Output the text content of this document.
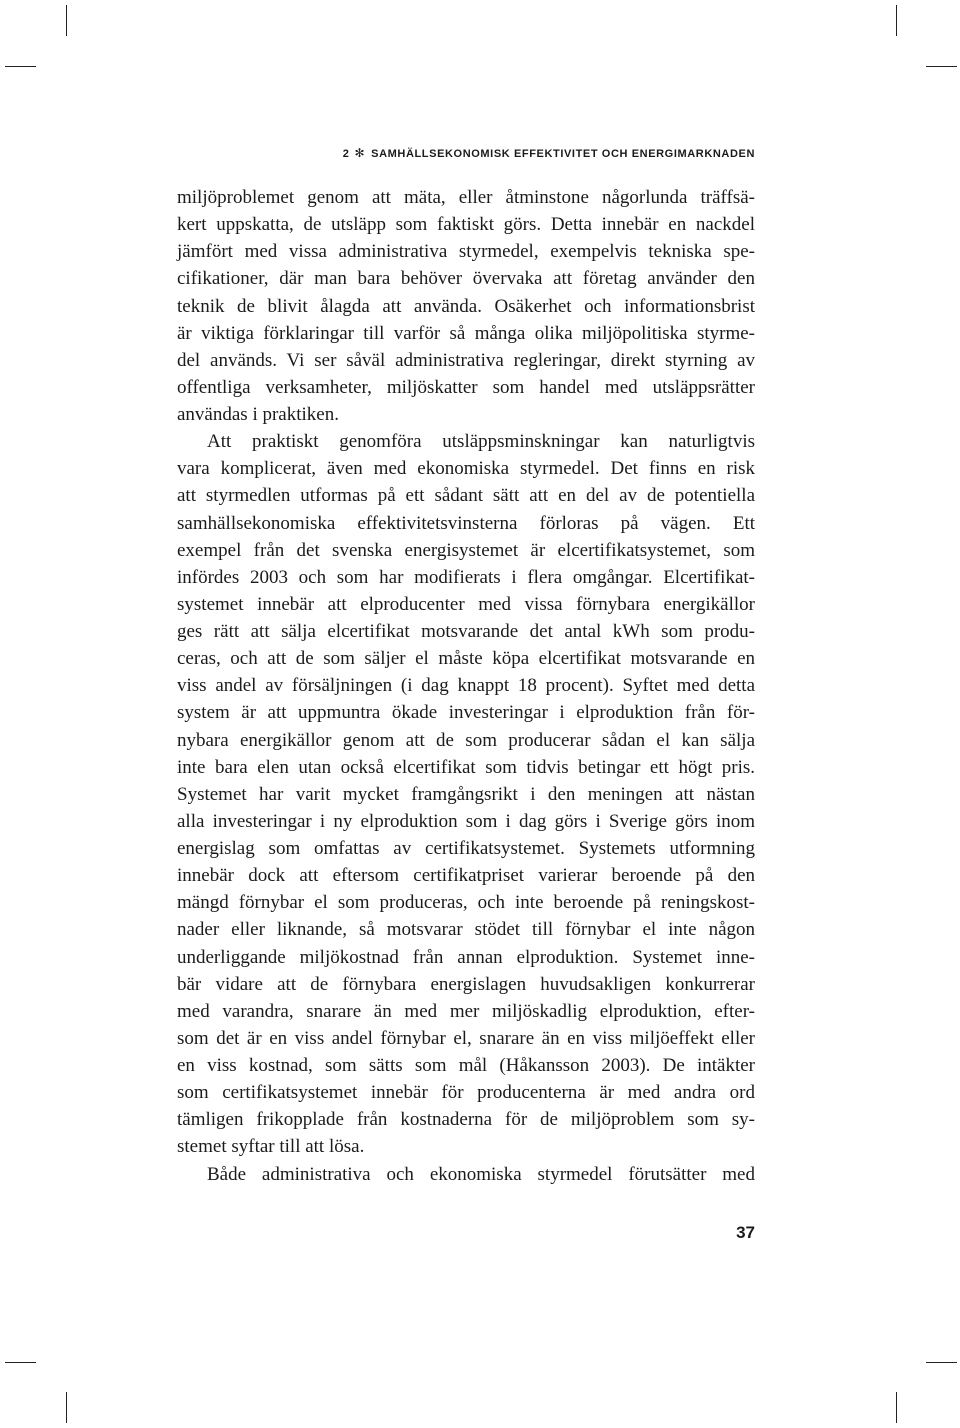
2 ✻ SAMHÄLLSEKONOMISK EFFEKTIVITET OCH ENERGIMARKNADEN
miljöproblemet genom att mäta, eller åtminstone någorlunda träffsä-
kert uppskatta, de utsläpp som faktiskt görs. Detta innebär en nackdel
jämfört med vissa administrativa styrmedel, exempelvis tekniska spe-
cifikationer, där man bara behöver övervaka att företag använder den
teknik de blivit ålagda att använda. Osäkerhet och informationsbrist
är viktiga förklaringar till varför så många olika miljöpolitiska styrme-
del används. Vi ser såväl administrativa regleringar, direkt styrning av
offentliga verksamheter, miljöskatter som handel med utsläppsrätter
användas i praktiken.
Att praktiskt genomföra utsläppsminskningar kan naturligtvis
vara komplicerat, även med ekonomiska styrmedel. Det finns en risk
att styrmedlen utformas på ett sådant sätt att en del av de potentiella
samhällsekonomiska effektivitetsvinsterna förloras på vägen. Ett
exempel från det svenska energisystemet är elcertifikatsystemet, som
infördes 2003 och som har modifierats i flera omgångar. Elcertifikat-
systemet innebär att elproducenter med vissa förnybara energikällor
ges rätt att sälja elcertifikat motsvarande det antal kWh som produ-
ceras, och att de som säljer el måste köpa elcertifikat motsvarande en
viss andel av försäljningen (i dag knappt 18 procent). Syftet med detta
system är att uppmuntra ökade investeringar i elproduktion från för-
nybara energikällor genom att de som producerar sådan el kan sälja
inte bara elen utan också elcertifikat som tidvis betingar ett högt pris.
Systemet har varit mycket framgångsrikt i den meningen att nästan
alla investeringar i ny elproduktion som i dag görs i Sverige görs inom
energislag som omfattas av certifikatsystemet. Systemets utformning
innebär dock att eftersom certifikatpriset varierar beroende på den
mängd förnybar el som produceras, och inte beroende på reningskost-
nader eller liknande, så motsvarar stödet till förnybar el inte någon
underliggande miljökostnad från annan elproduktion. Systemet inne-
bär vidare att de förnybara energislagen huvudsakligen konkurrerar
med varandra, snarare än med mer miljöskadlig elproduktion, efter-
som det är en viss andel förnybar el, snarare än en viss miljöeffekt eller
en viss kostnad, som sätts som mål (Håkansson 2003). De intäkter
som certifikatsystemet innebär för producenterna är med andra ord
tämligen frikopplade från kostnaderna för de miljöproblem som sy-
stemet syftar till att lösa.
Både administrativa och ekonomiska styrmedel förutsätter med
37
